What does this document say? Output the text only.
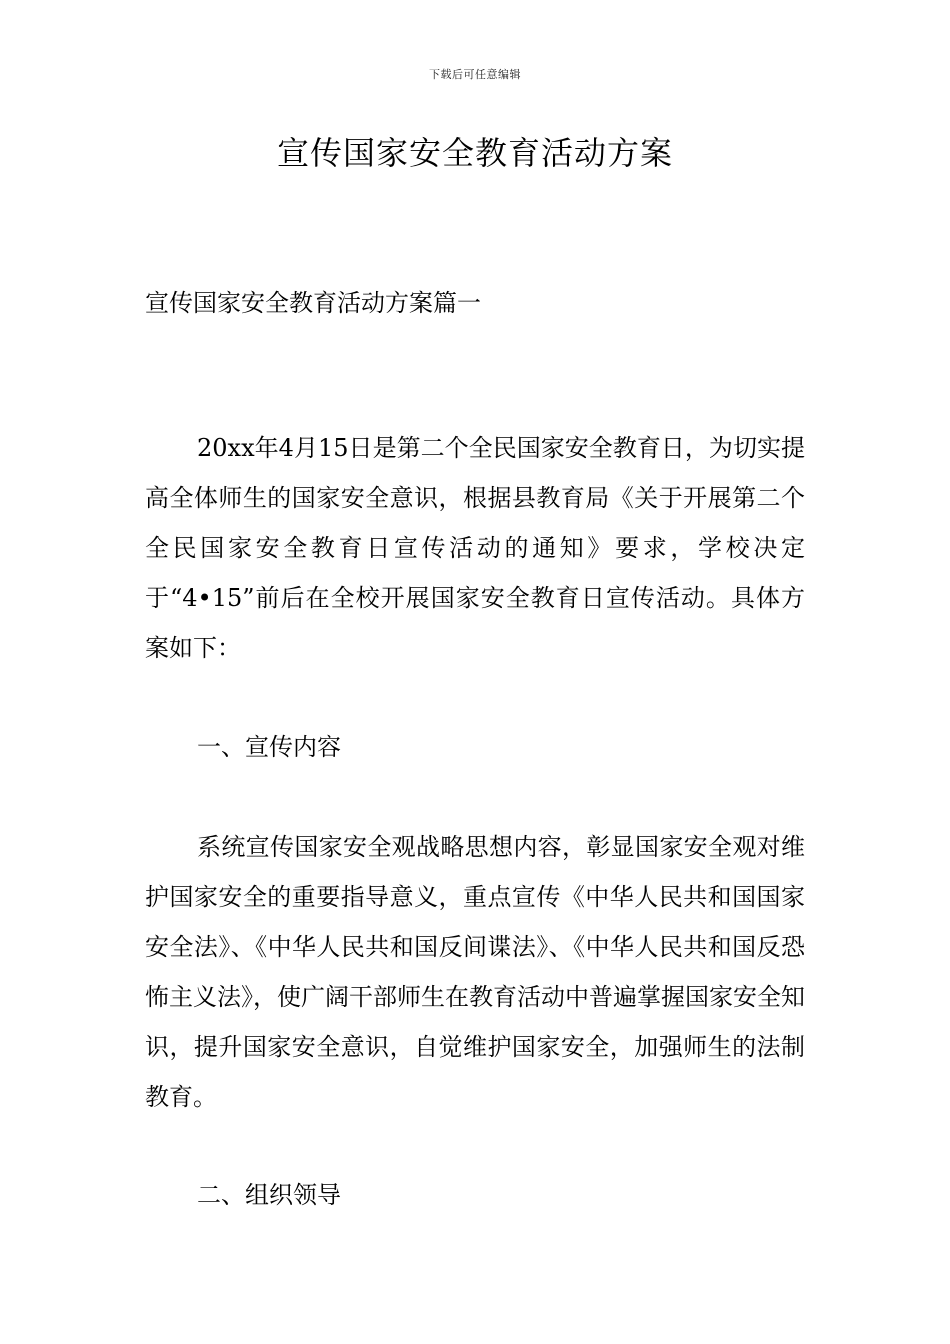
下载后可任意编辑
宣传国家安全教育活动方案

宣传国家安全教育活动方案篇一

20xx年4月15日是第二个全民国家安全教育日，为切实提高全体师生的国家安全意识，根据县教育局《关于开展第二个全民国家安全教育日宣传活动的通知》要求，学校决定于“4•15”前后在全校开展国家安全教育日宣传活动。具体方案如下：

一、宣传内容

系统宣传国家安全观战略思想内容，彰显国家安全观对维护国家安全的重要指导意义，重点宣传《中华人民共和国国家安全法》、《中华人民共和国反间谍法》、《中华人民共和国反恐怖主义法》，使广阔干部师生在教育活动中普遍掌握国家安全知识，提升国家安全意识，自觉维护国家安全，加强师生的法制教育。

二、组织领导
